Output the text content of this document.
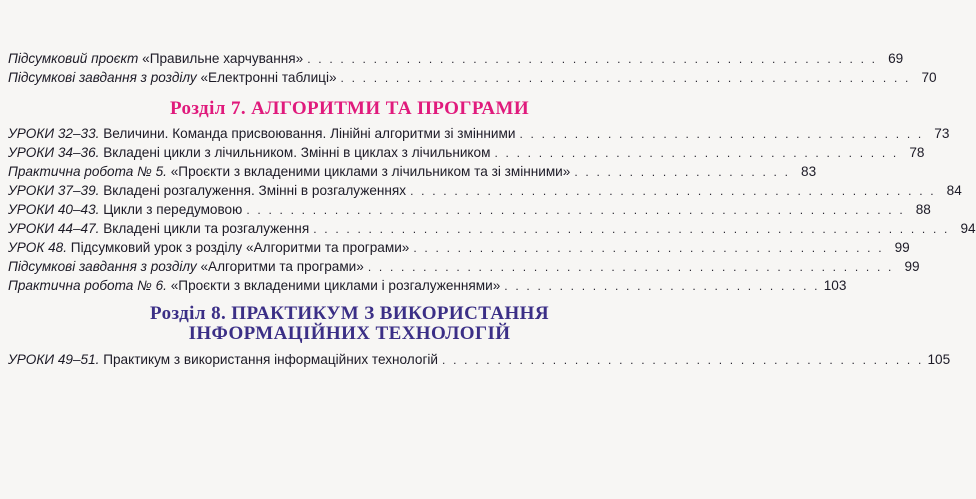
Підсумковий проєкт «Правильне харчування» . . . . . . . . . . . . . . . . . . . . . . . . . . . . . . . . . . . . . . . . . . . . . . . . . . . . 69
Підсумкові завдання з розділу «Електронні таблиці» . . . . . . . . . . . . . . . . . . . . . . . . . . . . . . . . . . . . . . . . . . . . . . . . . . . . 70
Розділ 7. АЛГОРИТМИ ТА ПРОГРАМИ
УРОКИ 32–33. Величини. Команда присвоювання. Лінійні алгоритми зі змінними . . . . . . . . . . . . . . . . . . . . . . . . . . . . . . . . . . . . . 73
УРОКИ 34–36. Вкладені цикли з лічильником. Змінні в циклах з лічильником . . . . . . . . . . . . . . . . . . . . . . . . . . . . . . . . . . . . . 78
Практична робота № 5. «Проєкти з вкладеними циклами з лічильником та зі змінними» . . . . . . . . . . . . . . . . . . . . 83
УРОКИ 37–39. Вкладені розгалуження. Змінні в розгалуженнях . . . . . . . . . . . . . . . . . . . . . . . . . . . . . . . . . . . . . . . . . . . . . . . . 84
УРОКИ 40–43. Цикли з передумовою . . . . . . . . . . . . . . . . . . . . . . . . . . . . . . . . . . . . . . . . . . . . . . . . . . . . . . . . . . . . 88
УРОКИ 44–47. Вкладені цикли та розгалуження . . . . . . . . . . . . . . . . . . . . . . . . . . . . . . . . . . . . . . . . . . . . . . . . . . . . . . . . . . 94
УРОК 48. Підсумковий урок з розділу «Алгоритми та програми» . . . . . . . . . . . . . . . . . . . . . . . . . . . . . . . . . . . . . . . . . . . 99
Підсумкові завдання з розділу «Алгоритми та програми» . . . . . . . . . . . . . . . . . . . . . . . . . . . . . . . . . . . . . . . . . . . . . . . . 99
Практична робота № 6. «Проєкти з вкладеними циклами і розгалуженнями» . . . . . . . . . . . . . . . . . . . . . . . . . . . . . 103
Розділ 8. ПРАКТИКУМ З ВИКОРИСТАННЯ
ІНФОРМАЦІЙНИХ ТЕХНОЛОГІЙ
УРОКИ 49–51. Практикум з використання інформаційних технологій . . . . . . . . . . . . . . . . . . . . . . . . . . . . . . . . . . . . . . . . . . . . 105
